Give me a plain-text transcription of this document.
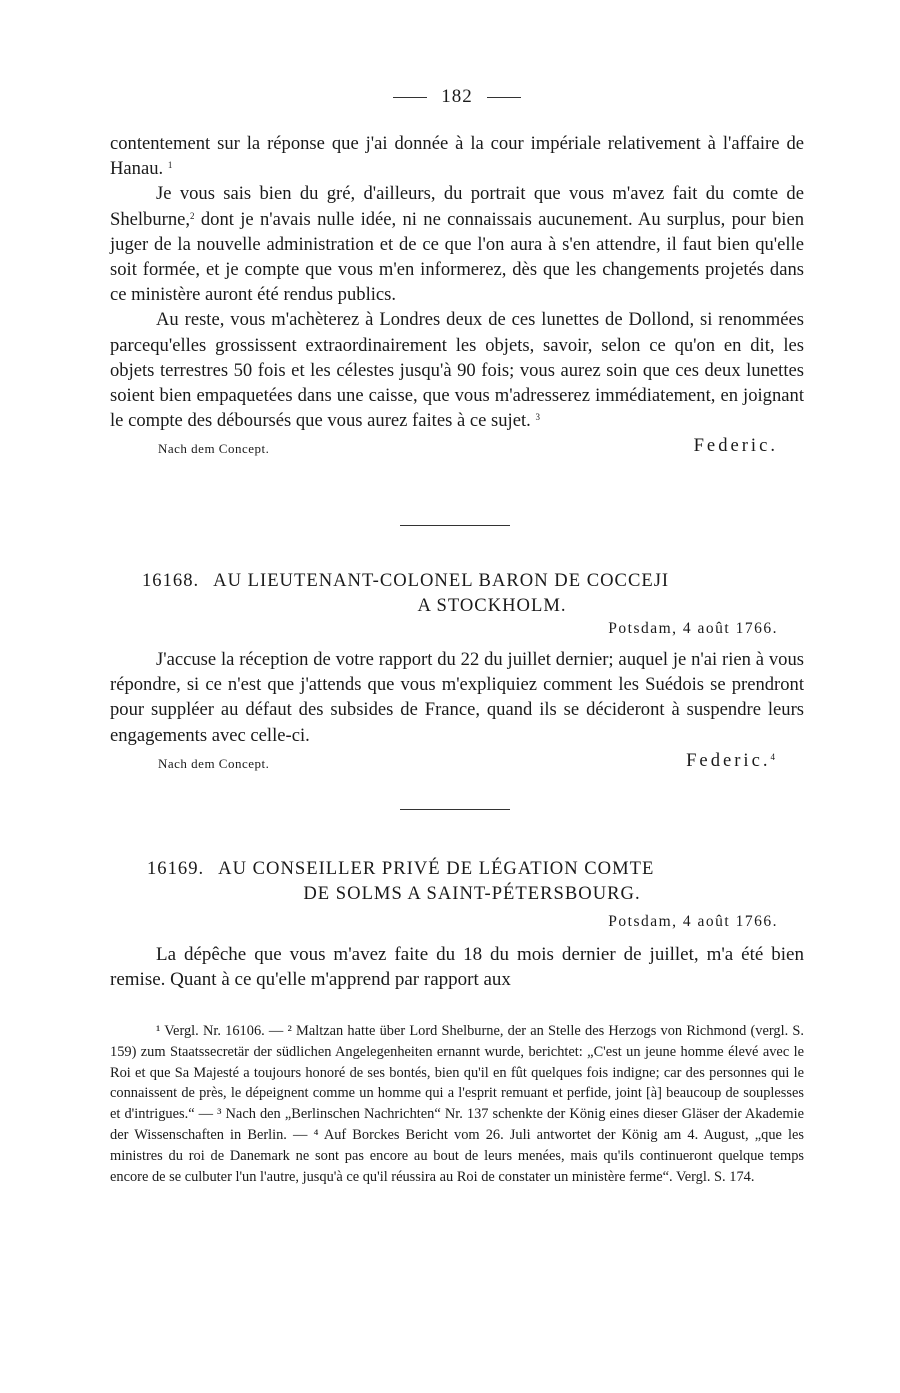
182

contentement sur la réponse que j'ai donnée à la cour impériale relativement à l'affaire de Hanau. $^1$

Je vous sais bien du gré, d'ailleurs, du portrait que vous m'avez fait du comte de Shelburne,$^2$ dont je n'avais nulle idée, ni ne connaissais aucunement. Au surplus, pour bien juger de la nouvelle administration et de ce que l'on aura à s'en attendre, il faut bien qu'elle soit formée, et je compte que vous m'en informerez, dès que les changements projetés dans ce ministère auront été rendus publics.

Au reste, vous m'achèterez à Londres deux de ces lunettes de Dollond, si renommées parcequ'elles grossissent extraordinairement les objets, savoir, selon ce qu'on en dit, les objets terrestres 50 fois et les célestes jusqu'à 90 fois; vous aurez soin que ces deux lunettes soient bien empaquetées dans une caisse, que vous m'adresserez immédiatement, en joignant le compte des déboursés que vous aurez faites à ce sujet. $^3$

Nach dem Concept.	Federic.
16168. AU LIEUTENANT-COLONEL BARON DE COCCEJI
A STOCKHOLM.
Potsdam, 4 août 1766.

J'accuse la réception de votre rapport du 22 du juillet dernier; auquel je n'ai rien à vous répondre, si ce n'est que j'attends que vous m'expliquiez comment les Suédois se prendront pour suppléer au défaut des subsides de France, quand ils se décideront à suspendre leurs engagements avec celle-ci.

Nach dem Concept.	Federic.$^4$
16169. AU CONSEILLER PRIVÉ DE LÉGATION COMTE
DE SOLMS A SAINT-PÉTERSBOURG.
Potsdam, 4 août 1766.

La dépêche que vous m'avez faite du 18 du mois dernier de juillet, m'a été bien remise. Quant à ce qu'elle m'apprend par rapport aux

¹ Vergl. Nr. 16106. — ² Maltzan hatte über Lord Shelburne, der an Stelle des Herzogs von Richmond (vergl. S. 159) zum Staatssecretär der südlichen Angelegenheiten ernannt wurde, berichtet: „C'est un jeune homme élevé avec le Roi et que Sa Majesté a toujours honoré de ses bontés, bien qu'il en fût quelques fois indigne; car des personnes qui le connaissent de près, le dépeignent comme un homme qui a l'esprit remuant et perfide, joint [à] beaucoup de souplesses et d'intrigues.“ — ³ Nach den „Berlinschen Nachrichten“ Nr. 137 schenkte der König eines dieser Gläser der Akademie der Wissenschaften in Berlin. — ⁴ Auf Borckes Bericht vom 26. Juli antwortet der König am 4. August, „que les ministres du roi de Danemark ne sont pas encore au bout de leurs menées, mais qu'ils continueront quelque temps encore de se culbuter l'un l'autre, jusqu'à ce qu'il réussira au Roi de constater un ministère ferme“. Vergl. S. 174.
